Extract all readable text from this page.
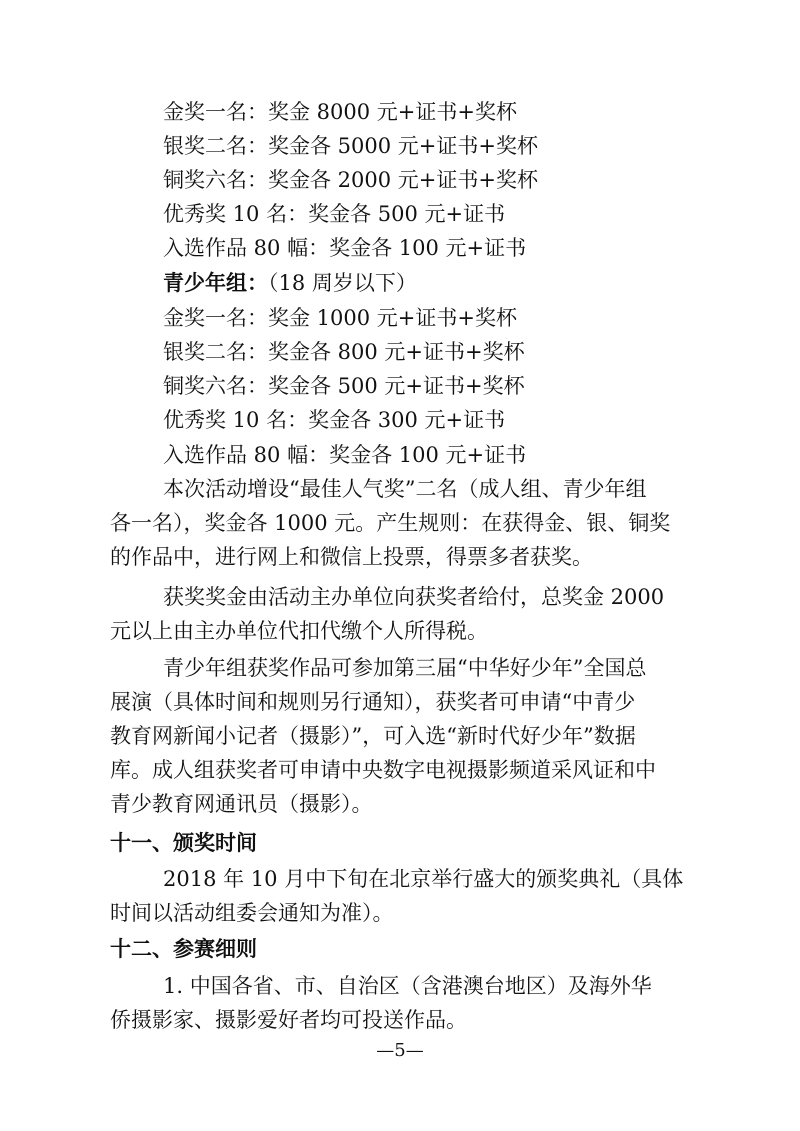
金奖一名：奖金 8000 元+证书+奖杯
银奖二名：奖金各 5000 元+证书+奖杯
铜奖六名：奖金各 2000 元+证书+奖杯
优秀奖 10 名：奖金各 500 元+证书
入选作品 80 幅：奖金各 100 元+证书
青少年组：（18 周岁以下）
金奖一名：奖金 1000 元+证书+奖杯
银奖二名：奖金各 800 元+证书+奖杯
铜奖六名：奖金各 500 元+证书+奖杯
优秀奖 10 名：奖金各 300 元+证书
入选作品 80 幅：奖金各 100 元+证书
本次活动增设“最佳人气奖”二名（成人组、青少年组
各一名），奖金各 1000 元。产生规则：在获得金、银、铜奖
的作品中，进行网上和微信上投票，得票多者获奖。
获奖奖金由活动主办单位向获奖者给付，总奖金 2000
元以上由主办单位代扣代缴个人所得税。
青少年组获奖作品可参加第三届“中华好少年”全国总
展演（具体时间和规则另行通知），获奖者可申请“中青少
教育网新闻小记者（摄影）”，可入选“新时代好少年”数据
库。成人组获奖者可申请中央数字电视摄影频道采风证和中
青少教育网通讯员（摄影）。
十一、颁奖时间
2018 年 10 月中下旬在北京举行盛大的颁奖典礼（具体
时间以活动组委会通知为准）。
十二、参赛细则
1. 中国各省、市、自治区（含港澳台地区）及海外华
侨摄影家、摄影爱好者均可投送作品。
—5—
